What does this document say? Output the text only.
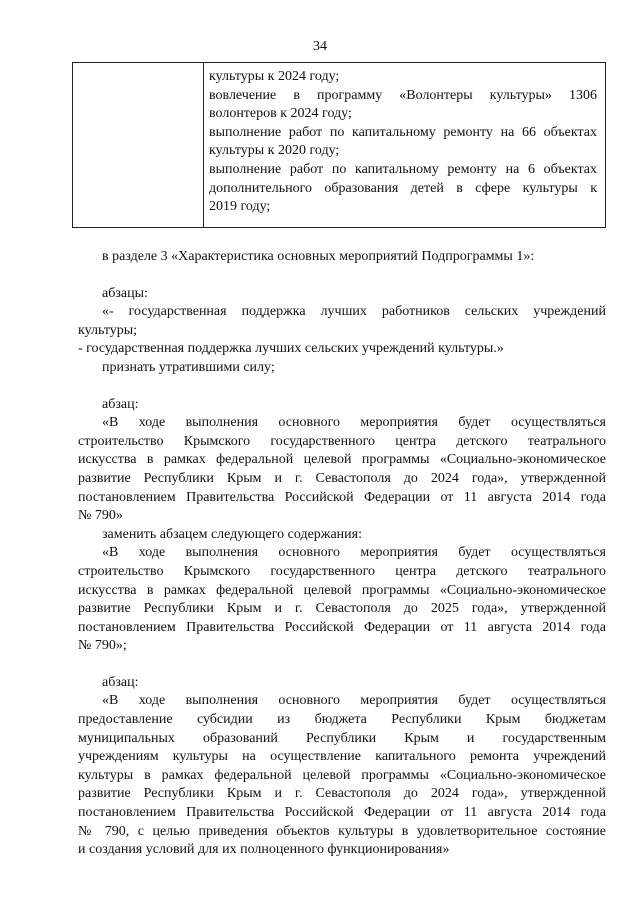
34
культуры к 2024 году;
вовлечение в программу «Волонтеры культуры» 1306
волонтеров к 2024 году;
выполнение работ по капитальному ремонту на 66 объектах
культуры к 2020 году;
выполнение работ по капитальному ремонту на 6 объектах
дополнительного образования детей в сфере культуры к
2019 году;
в разделе 3 «Характеристика основных мероприятий Подпрограммы 1»:
абзацы:
«- государственная поддержка лучших работников сельских учреждений
культуры;
- государственная поддержка лучших сельских учреждений культуры.»
признать утратившими силу;
абзац:
«В ходе выполнения основного мероприятия будет осуществляться
строительство Крымского государственного центра детского театрального
искусства в рамках федеральной целевой программы «Социально-экономическое
развитие Республики Крым и г. Севастополя до 2024 года», утвержденной
постановлением Правительства Российской Федерации от 11 августа 2014 года
№ 790»
заменить абзацем следующего содержания:
«В ходе выполнения основного мероприятия будет осуществляться
строительство Крымского государственного центра детского театрального
искусства в рамках федеральной целевой программы «Социально-экономическое
развитие Республики Крым и г. Севастополя до 2025 года», утвержденной
постановлением Правительства Российской Федерации от 11 августа 2014 года
№ 790»;
абзац:
«В ходе выполнения основного мероприятия будет осуществляться
предоставление субсидии из бюджета Республики Крым бюджетам
муниципальных образований Республики Крым и государственным
учреждениям культуры на осуществление капитального ремонта учреждений
культуры в рамках федеральной целевой программы «Социально-экономическое
развитие Республики Крым и г. Севастополя до 2024 года», утвержденной
постановлением Правительства Российской Федерации от 11 августа 2014 года
№ 790, с целью приведения объектов культуры в удовлетворительное состояние
и создания условий для их полноценного функционирования»
